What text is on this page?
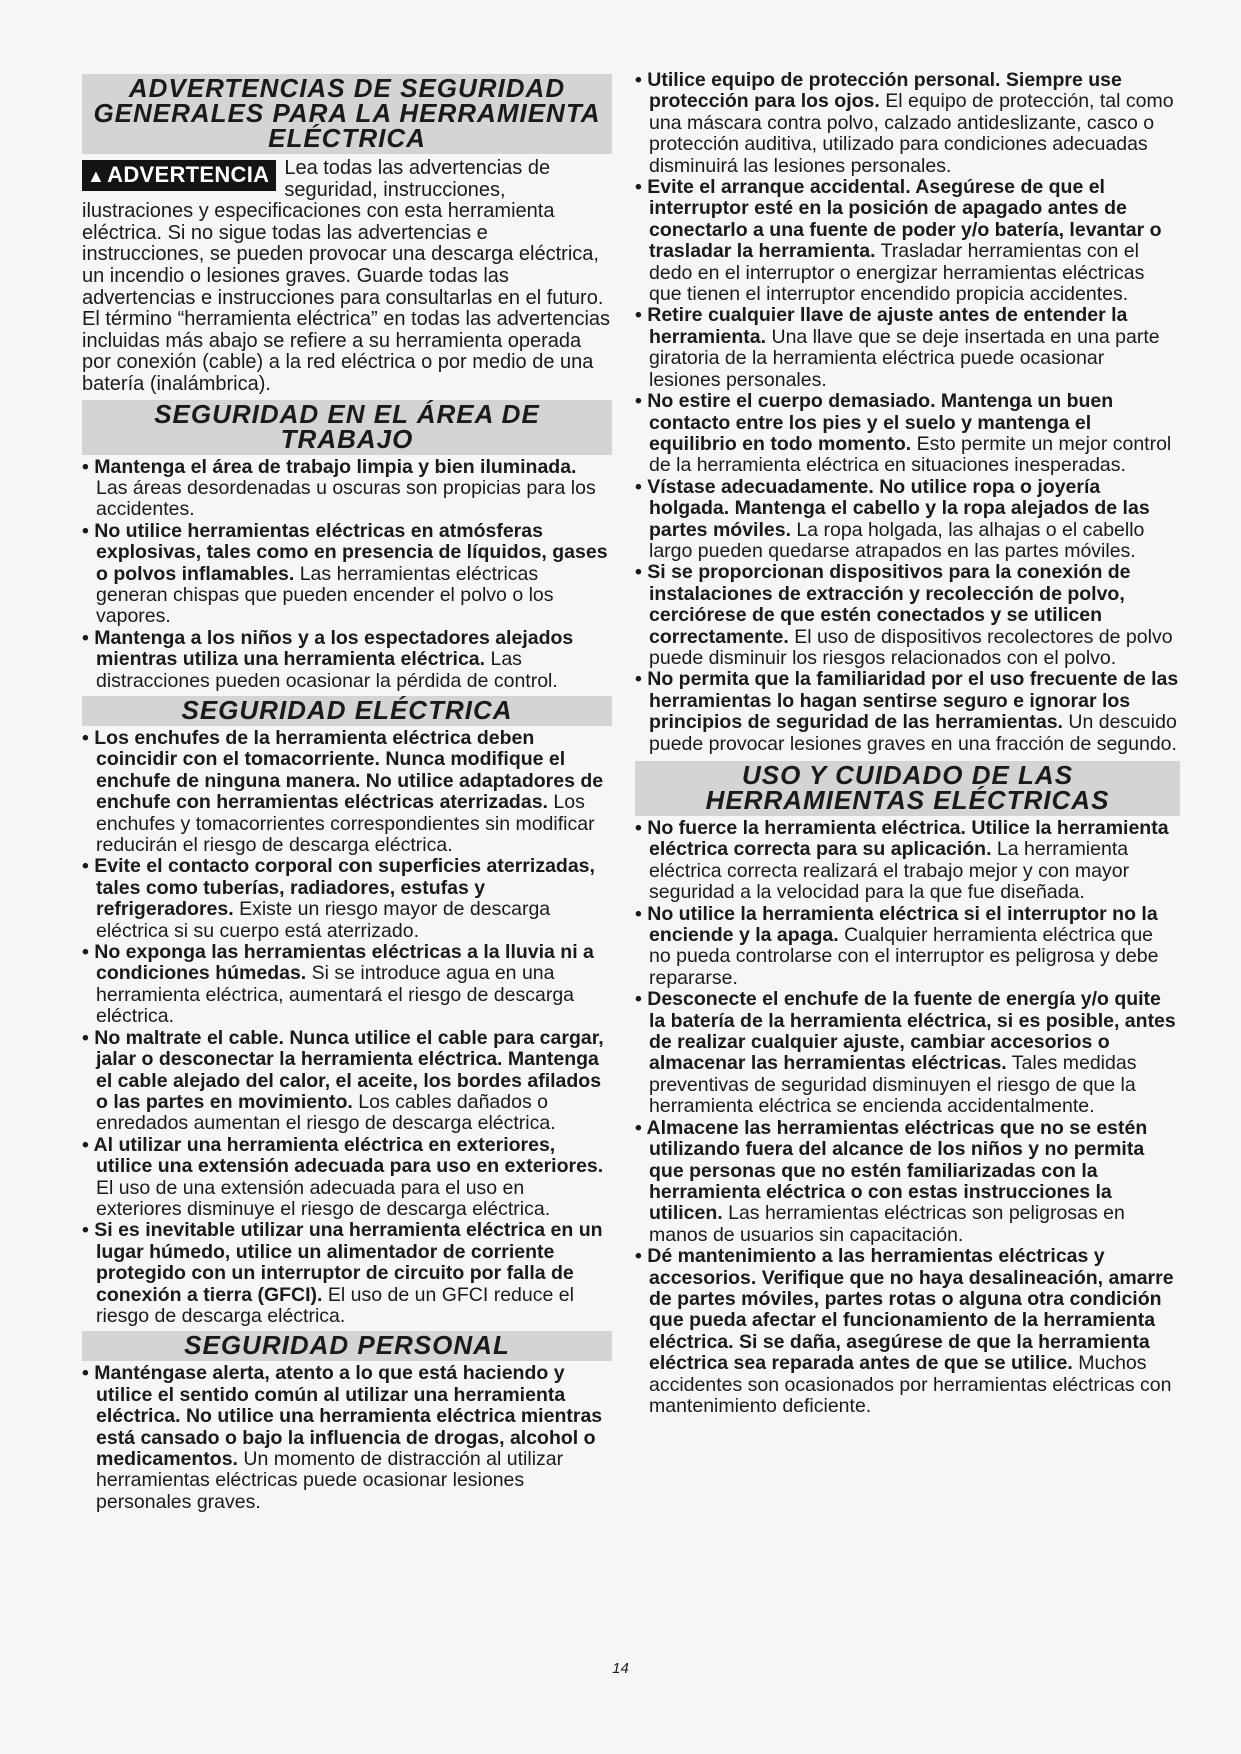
ADVERTENCIAS DE SEGURIDAD GENERALES PARA LA HERRAMIENTA ELÉCTRICA
▲ADVERTENCIA Lea todas las advertencias de seguridad, instrucciones, ilustraciones y especificaciones con esta herramienta eléctrica. Si no sigue todas las advertencias e instrucciones, se pueden provocar una descarga eléctrica, un incendio o lesiones graves. Guarde todas las advertencias e instrucciones para consultarlas en el futuro. El término “herramienta eléctrica” en todas las advertencias incluidas más abajo se refiere a su herramienta operada por conexión (cable) a la red eléctrica o por medio de una batería (inalámbrica).
SEGURIDAD EN EL ÁREA DE TRABAJO
• Mantenga el área de trabajo limpia y bien iluminada. Las áreas desordenadas u oscuras son propicias para los accidentes.
• No utilice herramientas eléctricas en atmósferas explosivas, tales como en presencia de líquidos, gases o polvos inflamables. Las herramientas eléctricas generan chispas que pueden encender el polvo o los vapores.
• Mantenga a los niños y a los espectadores alejados mientras utiliza una herramienta eléctrica. Las distracciones pueden ocasionar la pérdida de control.
SEGURIDAD ELÉCTRICA
• Los enchufes de la herramienta eléctrica deben coincidir con el tomacorriente. Nunca modifique el enchufe de ninguna manera. No utilice adaptadores de enchufe con herramientas eléctricas aterrizadas. Los enchufes y tomacorrientes correspondientes sin modificar reducirán el riesgo de descarga eléctrica.
• Evite el contacto corporal con superficies aterrizadas, tales como tuberías, radiadores, estufas y refrigeradores. Existe un riesgo mayor de descarga eléctrica si su cuerpo está aterrizado.
• No exponga las herramientas eléctricas a la lluvia ni a condiciones húmedas. Si se introduce agua en una herramienta eléctrica, aumentará el riesgo de descarga eléctrica.
• No maltrate el cable. Nunca utilice el cable para cargar, jalar o desconectar la herramienta eléctrica. Mantenga el cable alejado del calor, el aceite, los bordes afilados o las partes en movimiento. Los cables dañados o enredados aumentan el riesgo de descarga eléctrica.
• Al utilizar una herramienta eléctrica en exteriores, utilice una extensión adecuada para uso en exteriores. El uso de una extensión adecuada para el uso en exteriores disminuye el riesgo de descarga eléctrica.
• Si es inevitable utilizar una herramienta eléctrica en un lugar húmedo, utilice un alimentador de corriente protegido con un interruptor de circuito por falla de conexión a tierra (GFCI). El uso de un GFCI reduce el riesgo de descarga eléctrica.
SEGURIDAD PERSONAL
• Manténgase alerta, atento a lo que está haciendo y utilice el sentido común al utilizar una herramienta eléctrica. No utilice una herramienta eléctrica mientras está cansado o bajo la influencia de drogas, alcohol o medicamentos. Un momento de distracción al utilizar herramientas eléctricas puede ocasionar lesiones personales graves.
• Utilice equipo de protección personal. Siempre use protección para los ojos. El equipo de protección, tal como una máscara contra polvo, calzado antideslizante, casco o protección auditiva, utilizado para condiciones adecuadas disminuirá las lesiones personales.
• Evite el arranque accidental. Asegúrese de que el interruptor esté en la posición de apagado antes de conectarlo a una fuente de poder y/o batería, levantar o trasladar la herramienta. Trasladar herramientas con el dedo en el interruptor o energizar herramientas eléctricas que tienen el interruptor encendido propicia accidentes.
• Retire cualquier llave de ajuste antes de entender la herramienta. Una llave que se deje insertada en una parte giratoria de la herramienta eléctrica puede ocasionar lesiones personales.
• No estire el cuerpo demasiado. Mantenga un buen contacto entre los pies y el suelo y mantenga el equilibrio en todo momento. Esto permite un mejor control de la herramienta eléctrica en situaciones inesperadas.
• Vístase adecuadamente. No utilice ropa o joyería holgada. Mantenga el cabello y la ropa alejados de las partes móviles. La ropa holgada, las alhajas o el cabello largo pueden quedarse atrapados en las partes móviles.
• Si se proporcionan dispositivos para la conexión de instalaciones de extracción y recolección de polvo, cerciórese de que estén conectados y se utilicen correctamente. El uso de dispositivos recolectores de polvo puede disminuir los riesgos relacionados con el polvo.
• No permita que la familiaridad por el uso frecuente de las herramientas lo hagan sentirse seguro e ignorar los principios de seguridad de las herramientas. Un descuido puede provocar lesiones graves en una fracción de segundo.
USO Y CUIDADO DE LAS HERRAMIENTAS ELÉCTRICAS
• No fuerce la herramienta eléctrica. Utilice la herramienta eléctrica correcta para su aplicación. La herramienta eléctrica correcta realizará el trabajo mejor y con mayor seguridad a la velocidad para la que fue diseñada.
• No utilice la herramienta eléctrica si el interruptor no la enciende y la apaga. Cualquier herramienta eléctrica que no pueda controlarse con el interruptor es peligrosa y debe repararse.
• Desconecte el enchufe de la fuente de energía y/o quite la batería de la herramienta eléctrica, si es posible, antes de realizar cualquier ajuste, cambiar accesorios o almacenar las herramientas eléctricas. Tales medidas preventivas de seguridad disminuyen el riesgo de que la herramienta eléctrica se encienda accidentalmente.
• Almacene las herramientas eléctricas que no se estén utilizando fuera del alcance de los niños y no permita que personas que no estén familiarizadas con la herramienta eléctrica o con estas instrucciones la utilicen. Las herramientas eléctricas son peligrosas en manos de usuarios sin capacitación.
• Dé mantenimiento a las herramientas eléctricas y accesorios. Verifique que no haya desalineación, amarre de partes móviles, partes rotas o alguna otra condición que pueda afectar el funcionamiento de la herramienta eléctrica. Si se daña, asegúrese de que la herramienta eléctrica sea reparada antes de que se utilice. Muchos accidentes son ocasionados por herramientas eléctricas con mantenimiento deficiente.
14
